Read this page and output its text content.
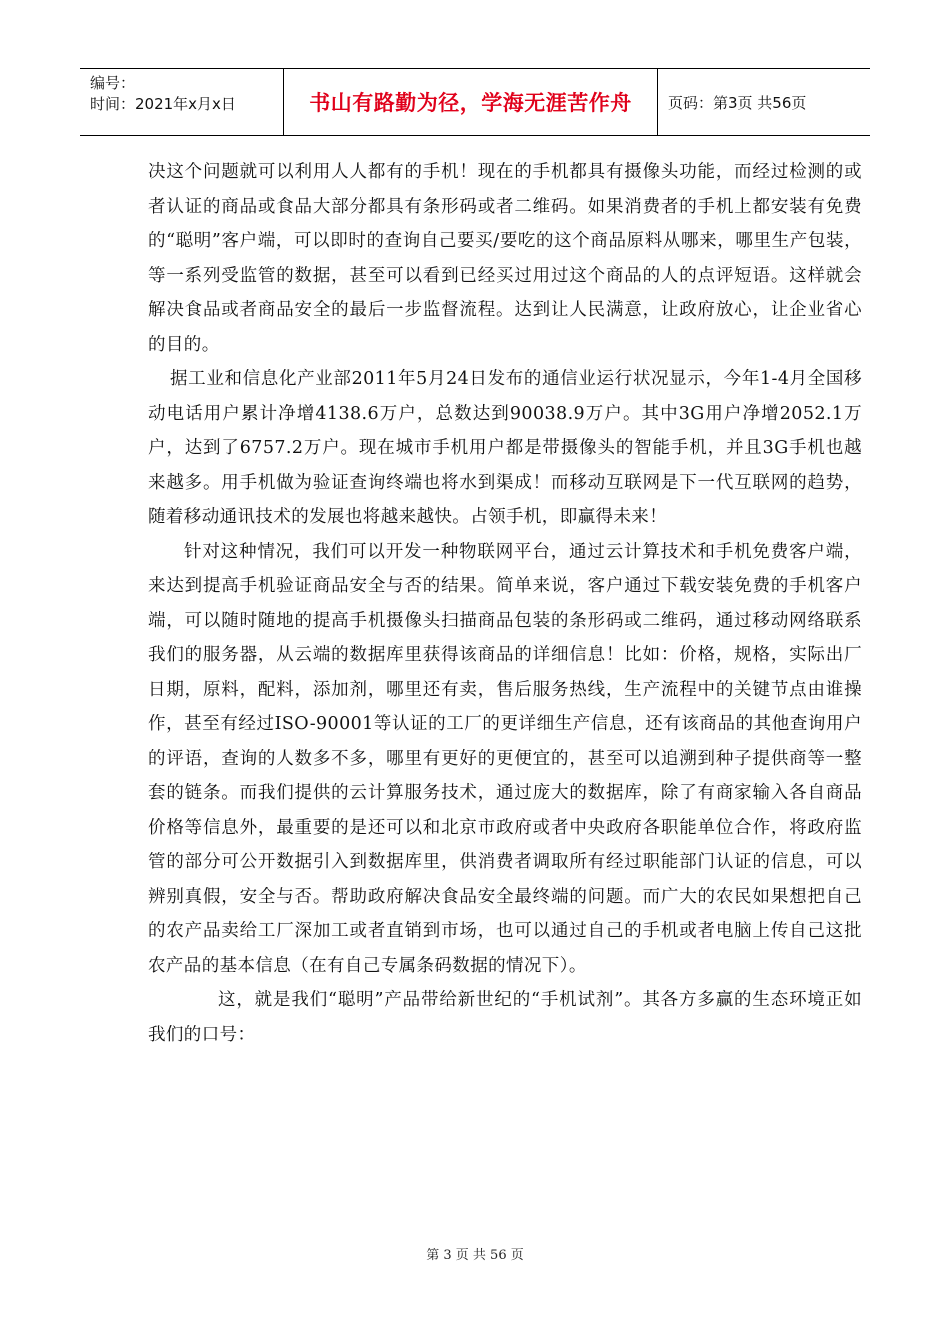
编号：
时间：2021年x月x日	书山有路勤为径，学海无涯苦作舟	页码：第3页 共56页

决这个问题就可以利用人人都有的手机！现在的手机都具有摄像头功能，而经过检测的或者认证的商品或食品大部分都具有条形码或者二维码。如果消费者的手机上都安装有免费的“聪明”客户端，可以即时的查询自己要买/要吃的这个商品原料从哪来，哪里生产包装，等一系列受监管的数据，甚至可以看到已经买过用过这个商品的人的点评短语。这样就会解决食品或者商品安全的最后一步监督流程。达到让人民满意，让政府放心，让企业省心的目的。

据工业和信息化产业部2011年5月24日发布的通信业运行状况显示，今年1-4月全国移动电话用户累计净增4138.6万户，总数达到90038.9万户。其中3G用户净增2052.1万户，达到了6757.2万户。现在城市手机用户都是带摄像头的智能手机，并且3G手机也越来越多。用手机做为验证查询终端也将水到渠成！而移动互联网是下一代互联网的趋势，随着移动通讯技术的发展也将越来越快。占领手机，即赢得未来！

针对这种情况，我们可以开发一种物联网平台，通过云计算技术和手机免费客户端，来达到提高手机验证商品安全与否的结果。简单来说，客户通过下载安装免费的手机客户端，可以随时随地的提高手机摄像头扫描商品包装的条形码或二维码，通过移动网络联系我们的服务器，从云端的数据库里获得该商品的详细信息！比如：价格，规格，实际出厂日期，原料，配料，添加剂，哪里还有卖，售后服务热线，生产流程中的关键节点由谁操作，甚至有经过ISO-90001等认证的工厂的更详细生产信息，还有该商品的其他查询用户的评语，查询的人数多不多，哪里有更好的更便宜的，甚至可以追溯到种子提供商等一整套的链条。而我们提供的云计算服务技术，通过庞大的数据库，除了有商家输入各自商品价格等信息外，最重要的是还可以和北京市政府或者中央政府各职能单位合作，将政府监管的部分可公开数据引入到数据库里，供消费者调取所有经过职能部门认证的信息，可以辨别真假，安全与否。帮助政府解决食品安全最终端的问题。而广大的农民如果想把自己的农产品卖给工厂深加工或者直销到市场，也可以通过自己的手机或者电脑上传自己这批农产品的基本信息（在有自己专属条码数据的情况下）。

这，就是我们“聪明”产品带给新世纪的“手机试剂”。其各方多赢的生态环境正如我们的口号：

第 3 页 共 56 页
